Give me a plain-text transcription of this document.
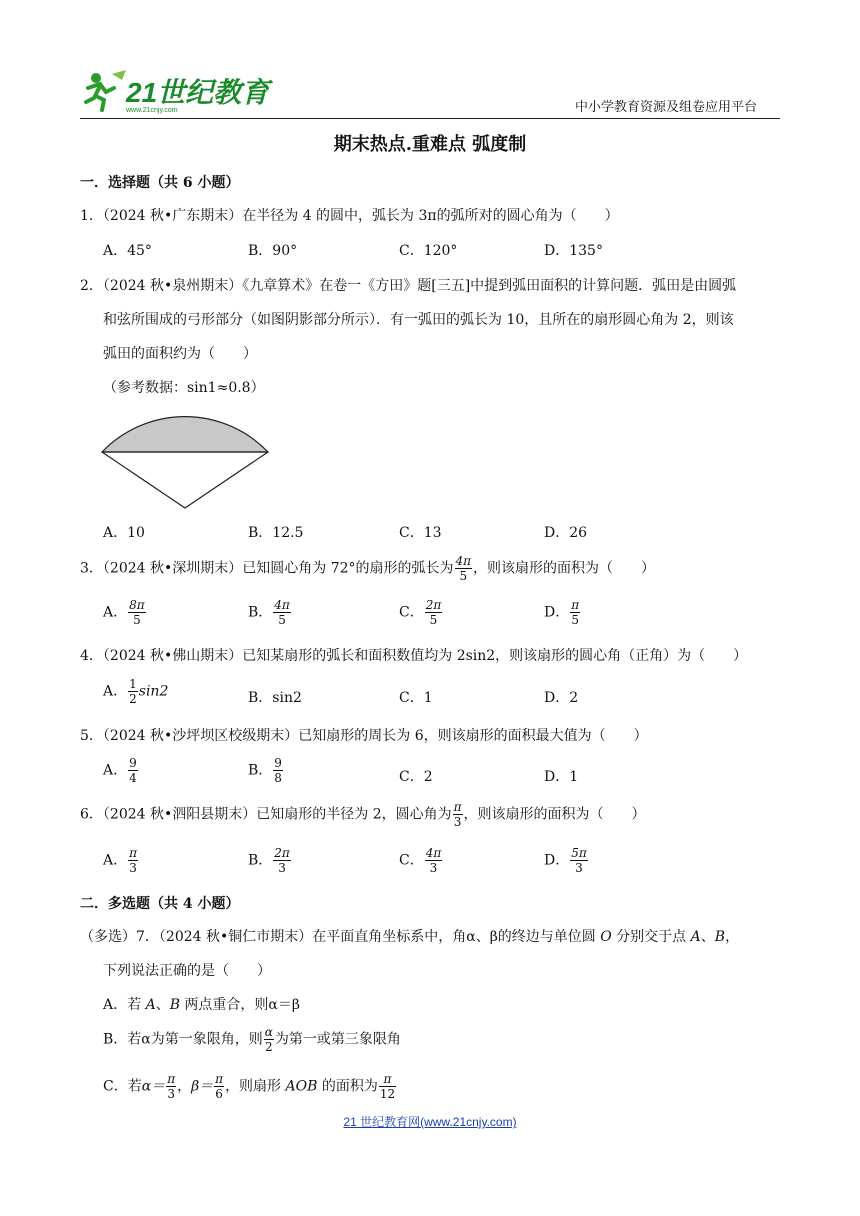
21世纪教育
www.21cnjy.com	中小学教育资源及组卷应用平台
期末热点.重难点 弧度制
一．选择题（共 6 小题）
1．（2024 秋•广东期末）在半径为 4 的圆中，弧长为 3π的弧所对的圆心角为（　　）
A．45°	B．90°	C．120°	D．135°
2．（2024 秋•泉州期末）《九章算术》在卷一《方田》题[三五]中提到弧田面积的计算问题．弧田是由圆弧
和弦所围成的弓形部分（如图阴影部分所示）．有一弧田的弧长为 10，且所在的扇形圆心角为 2，则该
弧田的面积约为（　　）
（参考数据：sin1≈0.8）
A．10	B．12.5	C．13	D．26
3．（2024 秋•深圳期末）已知圆心角为 72°的扇形的弧长为 $\frac{4\pi}{5}$ ，则该扇形的面积为（　　）
A． $\frac{8\pi}{5}$	B． $\frac{4\pi}{5}$	C． $\frac{2\pi}{5}$	D． $\frac{\pi}{5}$
4．（2024 秋•佛山期末）已知某扇形的弧长和面积数值均为 2sin2，则该扇形的圆心角（正角）为（　　）
A． $\frac{1}{2} \sin 2$	B．sin2	C．1	D．2
5．（2024 秋•沙坪坝区校级期末）已知扇形的周长为 6，则该扇形的面积最大值为（　　）
A． $\frac{9}{4}$	B． $\frac{9}{8}$	C．2	D．1
6．（2024 秋•泗阳县期末）已知扇形的半径为 2，圆心角为 $\frac{\pi}{3}$ ，则该扇形的面积为（　　）
A． $\frac{\pi}{3}$	B． $\frac{2\pi}{3}$	C． $\frac{4\pi}{3}$	D． $\frac{5\pi}{3}$
二．多选题（共 4 小题）
（多选）7．（2024 秋•铜仁市期末）在平面直角坐标系中，角α、β的终边与单位圆 O 分别交于点 A、B，
下列说法正确的是（　　）
A．若 A、B 两点重合，则α＝β
B．若α为第一象限角，则 $\frac{\alpha}{2}$ 为第一或第三象限角
C．若$\alpha= \frac{\pi}{3}$ ，$\beta= \frac{\pi}{6}$ ，则扇形 AOB 的面积为 $\frac{\pi}{12}$
21 世纪教育网(www.21cnjy.com)
